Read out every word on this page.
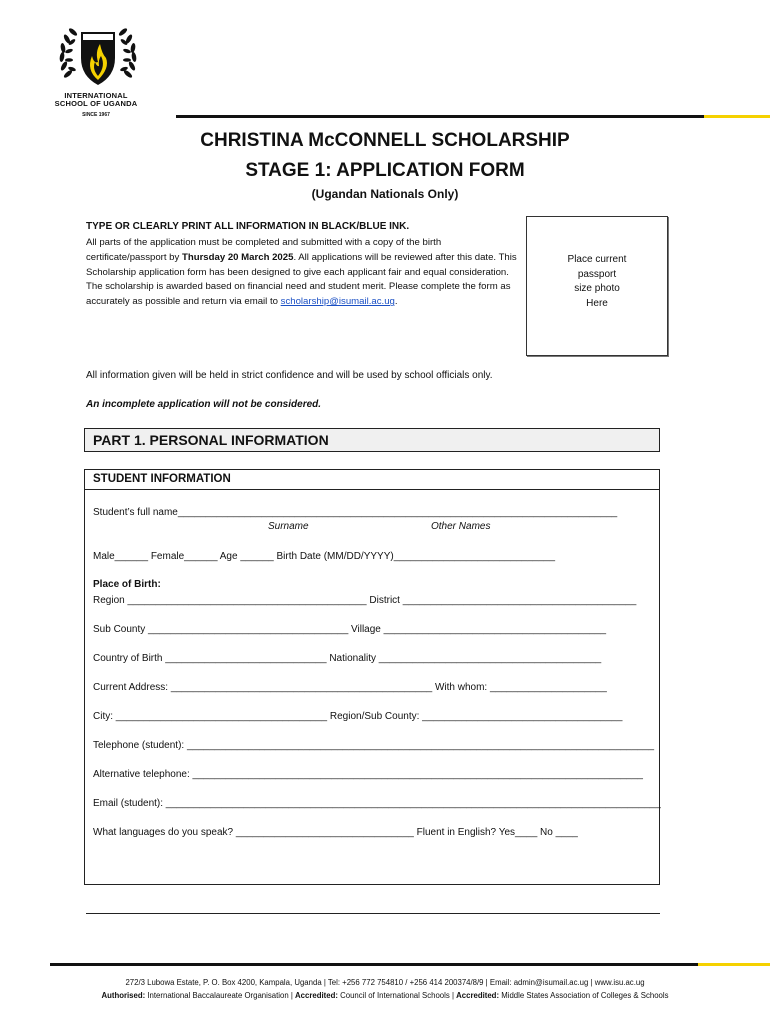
INTERNATIONAL
SCHOOL OF UGANDA
SINCE 1967
CHRISTINA McCONNELL SCHOLARSHIP
STAGE 1: APPLICATION FORM
(Ugandan Nationals Only)
TYPE OR CLEARLY PRINT ALL INFORMATION IN BLACK/BLUE INK.
All parts of the application must be completed and submitted with a copy of the birth certificate/passport by Thursday 20 March 2025. All applications will be reviewed after this date. This Scholarship application form has been designed to give each applicant fair and equal consideration. The scholarship is awarded based on financial need and student merit. Please complete the form as accurately as possible and return via email to scholarship@isumail.ac.ug.
Place current
passport
size photo
Here
All information given will be held in strict confidence and will be used by school officials only.
An incomplete application will not be considered.
PART 1. PERSONAL INFORMATION
STUDENT INFORMATION
Student’s full name_______________________________________________________________________________
Surname	Other Names
Male______ Female______ Age ______ Birth Date (MM/DD/YYYY)_____________________________
Place of Birth:
Region ___________________________________________ District __________________________________________
Sub County ____________________________________ Village ________________________________________
Country of Birth _____________________________ Nationality ________________________________________
Current Address: _______________________________________________ With whom: _____________________
City: ______________________________________ Region/Sub County: ____________________________________
Telephone (student): ____________________________________________________________________________________
Alternative telephone: _________________________________________________________________________________
Email (student): _________________________________________________________________________________________
What languages do you speak? ________________________________ Fluent in English? Yes____ No ____
272/3 Lubowa Estate, P. O. Box 4200, Kampala, Uganda | Tel: +256 772 754810 / +256 414 200374/8/9 | Email: admin@isumail.ac.ug | www.isu.ac.ug
Authorised: International Baccalaureate Organisation | Accredited: Council of International Schools | Accredited: Middle States Association of Colleges & Schools
